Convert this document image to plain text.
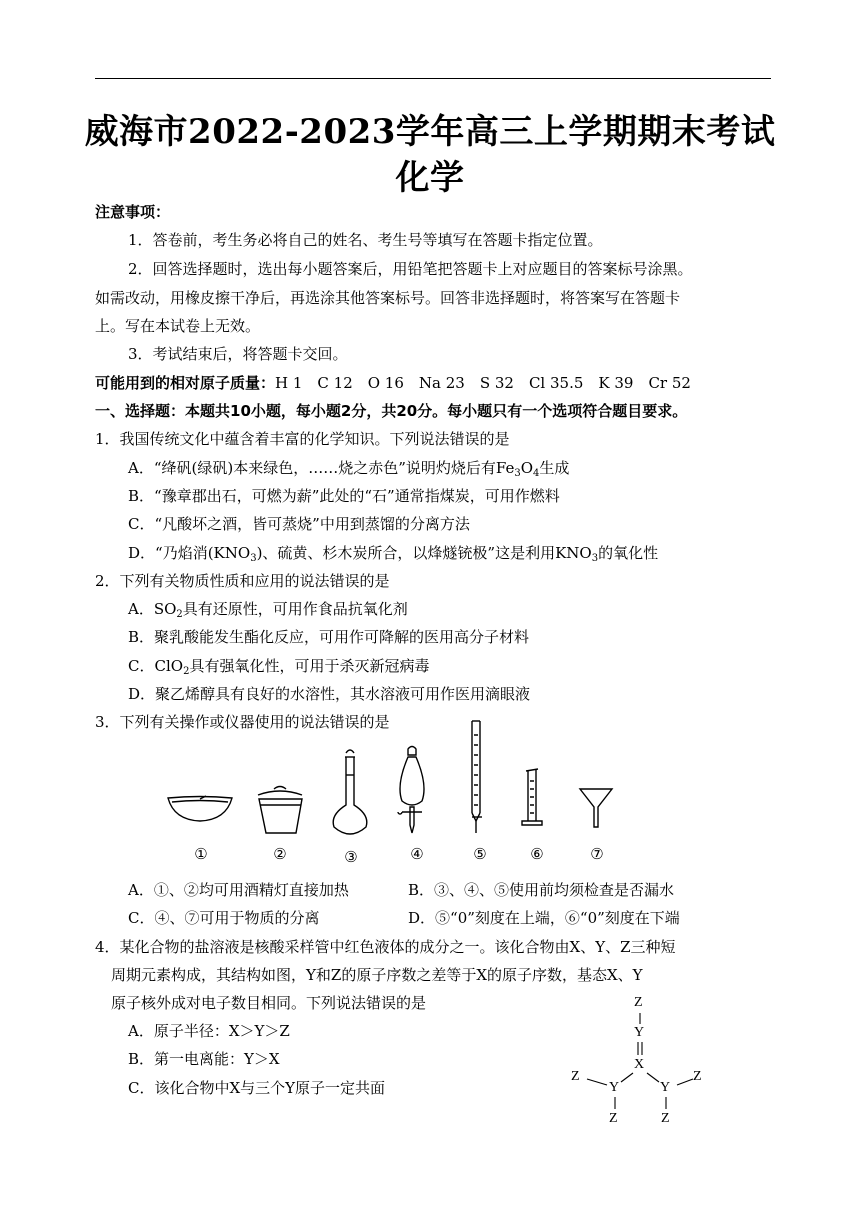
威海市2022-2023学年高三上学期期末考试
化学
注意事项：
1．答卷前，考生务必将自己的姓名、考生号等填写在答题卡指定位置。
2．回答选择题时，选出每小题答案后，用铅笔把答题卡上对应题目的答案标号涂黑。
如需改动，用橡皮擦干净后，再选涂其他答案标号。回答非选择题时，将答案写在答题卡
上。写在本试卷上无效。
3．考试结束后，将答题卡交回。
可能用到的相对原子质量：H 1　C 12　O 16　Na 23　S 32　Cl 35.5　K 39　Cr 52
一、选择题：本题共10小题，每小题2分，共20分。每小题只有一个选项符合题目要求。
1．我国传统文化中蕴含着丰富的化学知识。下列说法错误的是
A．“绛矾(绿矾)本来绿色，……烧之赤色”说明灼烧后有$Fe_3O_4$生成
B．“豫章郡出石，可燃为薪”此处的“石”通常指煤炭，可用作燃料
C．“凡酸坏之酒，皆可蒸烧”中用到蒸馏的分离方法
D．“乃焰消$(KNO_3)$、硫黄、杉木炭所合，以烽燧铳极”这是利用$KNO_3$的氧化性
2．下列有关物质性质和应用的说法错误的是
A．$SO_2$具有还原性，可用作食品抗氧化剂
B．聚乳酸能发生酯化反应，可用作可降解的医用高分子材料
C．ClO$_2$具有强氧化性，可用于杀灭新冠病毒
D．聚乙烯醇具有良好的水溶性，其水溶液可用作医用滴眼液
3．下列有关操作或仪器使用的说法错误的是
①	②	③	④	⑤	⑥	⑦
A．①、②均可用酒精灯直接加热	B．③、④、⑤使用前均须检查是否漏水
C．④、⑦可用于物质的分离	D．⑤“0”刻度在上端，⑥“0”刻度在下端
4．某化合物的盐溶液是核酸采样管中红色液体的成分之一。该化合物由X、Y、Z三种短
周期元素构成，其结构如图，Y和Z的原子序数之差等于X的原子序数，基态X、Y
原子核外成对电子数目相同。下列说法错误的是
A．原子半径：X＞Y＞Z
B．第一电离能：Y＞X
C．该化合物中X与三个Y原子一定共面
Z
Y
X
Z
Y	Y
Z
Z	Z
